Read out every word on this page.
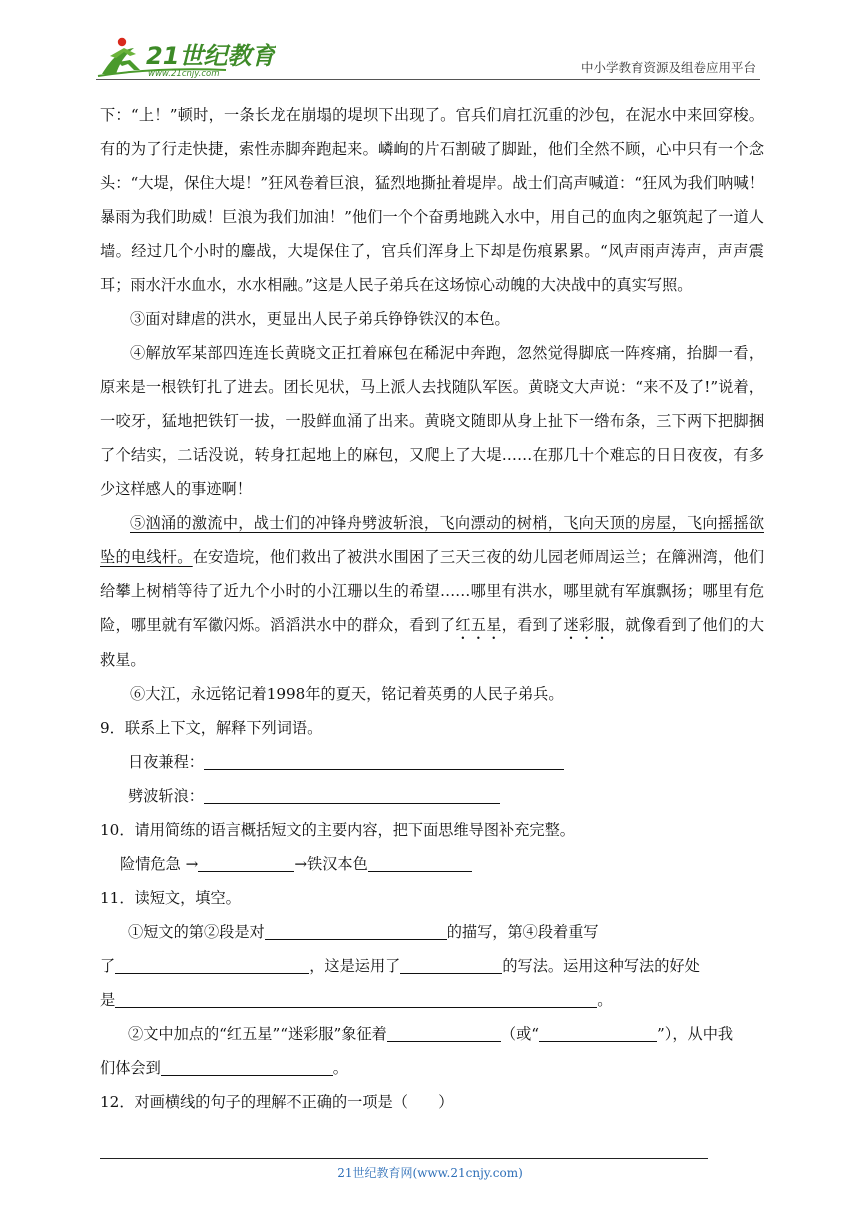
21世纪教育
www.21cnjy.com	中小学教育资源及组卷应用平台

下：“上！”顿时，一条长龙在崩塌的堤坝下出现了。官兵们肩扛沉重的沙包，在泥水中来回穿梭。有的为了行走快捷，索性赤脚奔跑起来。嶙峋的片石割破了脚趾，他们全然不顾，心中只有一个念头：“大堤，保住大堤！”狂风卷着巨浪，猛烈地撕扯着堤岸。战士们高声喊道：“狂风为我们呐喊！暴雨为我们助威！巨浪为我们加油！”他们一个个奋勇地跳入水中，用自己的血肉之躯筑起了一道人墙。经过几个小时的鏖战，大堤保住了，官兵们浑身上下却是伤痕累累。“风声雨声涛声，声声震耳；雨水汗水血水，水水相融。”这是人民子弟兵在这场惊心动魄的大决战中的真实写照。

③面对肆虐的洪水，更显出人民子弟兵铮铮铁汉的本色。

④解放军某部四连连长黄晓文正扛着麻包在稀泥中奔跑，忽然觉得脚底一阵疼痛，抬脚一看，原来是一根铁钉扎了进去。团长见状，马上派人去找随队军医。黄晓文大声说：“来不及了!”说着，一咬牙，猛地把铁钉一拔，一股鲜血涌了出来。黄晓文随即从身上扯下一绺布条，三下两下把脚捆了个结实，二话没说，转身扛起地上的麻包，又爬上了大堤……在那几十个难忘的日日夜夜，有多少这样感人的事迹啊！

⑤汹涌的激流中，战士们的冲锋舟劈波斩浪，飞向漂动的树梢，飞向天顶的房屋，飞向摇摇欲坠的电线杆。在安造垸，他们救出了被洪水围困了三天三夜的幼儿园老师周运兰；在簰洲湾，他们给攀上树梢等待了近九个小时的小江珊以生的希望……哪里有洪水，哪里就有军旗飘扬；哪里有危险，哪里就有军徽闪烁。滔滔洪水中的群众，看到了红五星，看到了迷彩服，就像看到了他们的大救星。

⑥大江，永远铭记着1998年的夏天，铭记着英勇的人民子弟兵。

9．联系上下文，解释下列词语。

日夜兼程：

劈波斩浪：

10．请用简练的语言概括短文的主要内容，把下面思维导图补充完整。

险情危急 →	→铁汉本色

11．读短文，填空。

①短文的第②段是对	的描写，第④段着重写

了	，这是运用了	的写法。运用这种写法的好处

是	。

②文中加点的“红五星”“迷彩服”象征着	（或“	”），从中我

们体会到	。

12．对画横线的句子的理解不正确的一项是（　　）

21世纪教育网(www.21cnjy.com)
